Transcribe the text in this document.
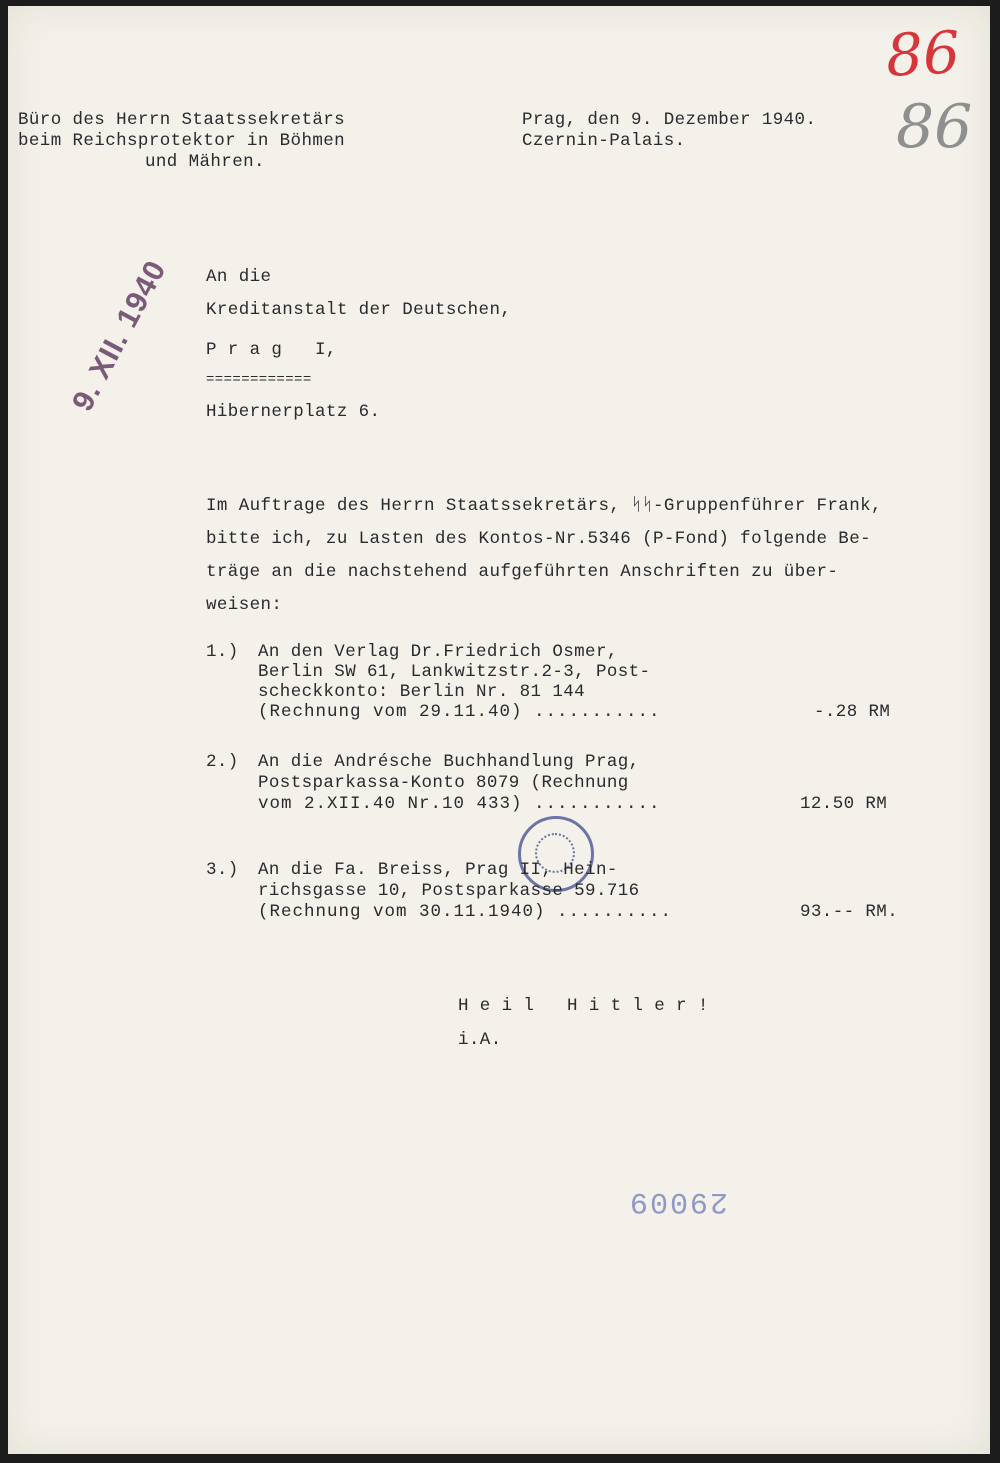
86
86
Büro des Herrn Staatssekretärs
beim Reichsprotektor in Böhmen
und Mähren.
Prag, den 9. Dezember 1940.
Czernin-Palais.
9. XII. 1940 An die
Kreditanstalt der Deutschen,
P r a g   I,
============
Hibernerplatz 6.
Im Auftrage des Herrn Staatssekretärs, ᛋᛋ-Gruppenführer Frank,
bitte ich, zu Lasten des Kontos-Nr.5346 (P-Fond) folgende Be-
träge an die nachstehend aufgeführten Anschriften zu über-
weisen:
1.) An den Verlag Dr.Friedrich Osmer,
Berlin SW 61, Lankwitzstr.2-3, Post-
scheckkonto: Berlin Nr. 81 144
(Rechnung vom 29.11.40) ...........	-.28 RM
2.) An die Andrésche Buchhandlung Prag,
Postsparkassa-Konto 8079 (Rechnung
vom 2.XII.40 Nr.10 433) ...........	12.50 RM
3.) An die Fa. Breiss, Prag II, Hein-
richsgasse 10, Postsparkasse 59.716
(Rechnung vom 30.11.1940) ..........	93.-- RM.
H e i l   H i t l e r !
i.A.
29009
